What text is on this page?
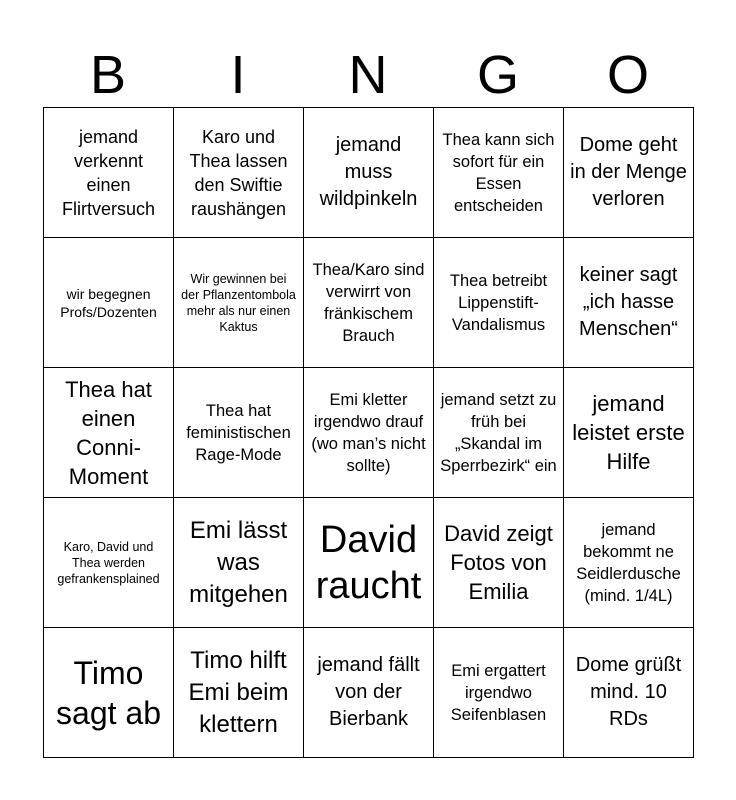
B	I	N	G	O
jemand verkennt einen Flirtversuch	Karo und Thea lassen den Swiftie raushängen	jemand muss wildpinkeln	Thea kann sich sofort für ein Essen entscheiden	Dome geht in der Menge verloren

wir begegnen Profs/Dozenten	Wir gewinnen bei der Pflanzentombola mehr als nur einen Kaktus	Thea/Karo sind verwirrt von fränkischem Brauch	Thea betreibt Lippenstift-Vandalismus	keiner sagt „ich hasse Menschen“

Thea hat einen Conni-Moment	Thea hat feministischen Rage-Mode	Emi kletter irgendwo drauf (wo man’s nicht sollte)	jemand setzt zu früh bei „Skandal im Sperrbezirk“ ein	jemand leistet erste Hilfe

Karo, David und Thea werden gefrankensplained	Emi lässt was mitgehen	David raucht	David zeigt Fotos von Emilia	jemand bekommt ne Seidlerdusche (mind. 1/4L)

Timo sagt ab	Timo hilft Emi beim klettern	jemand fällt von der Bierbank	Emi ergattert irgendwo Seifenblasen	Dome grüßt mind. 10 RDs
